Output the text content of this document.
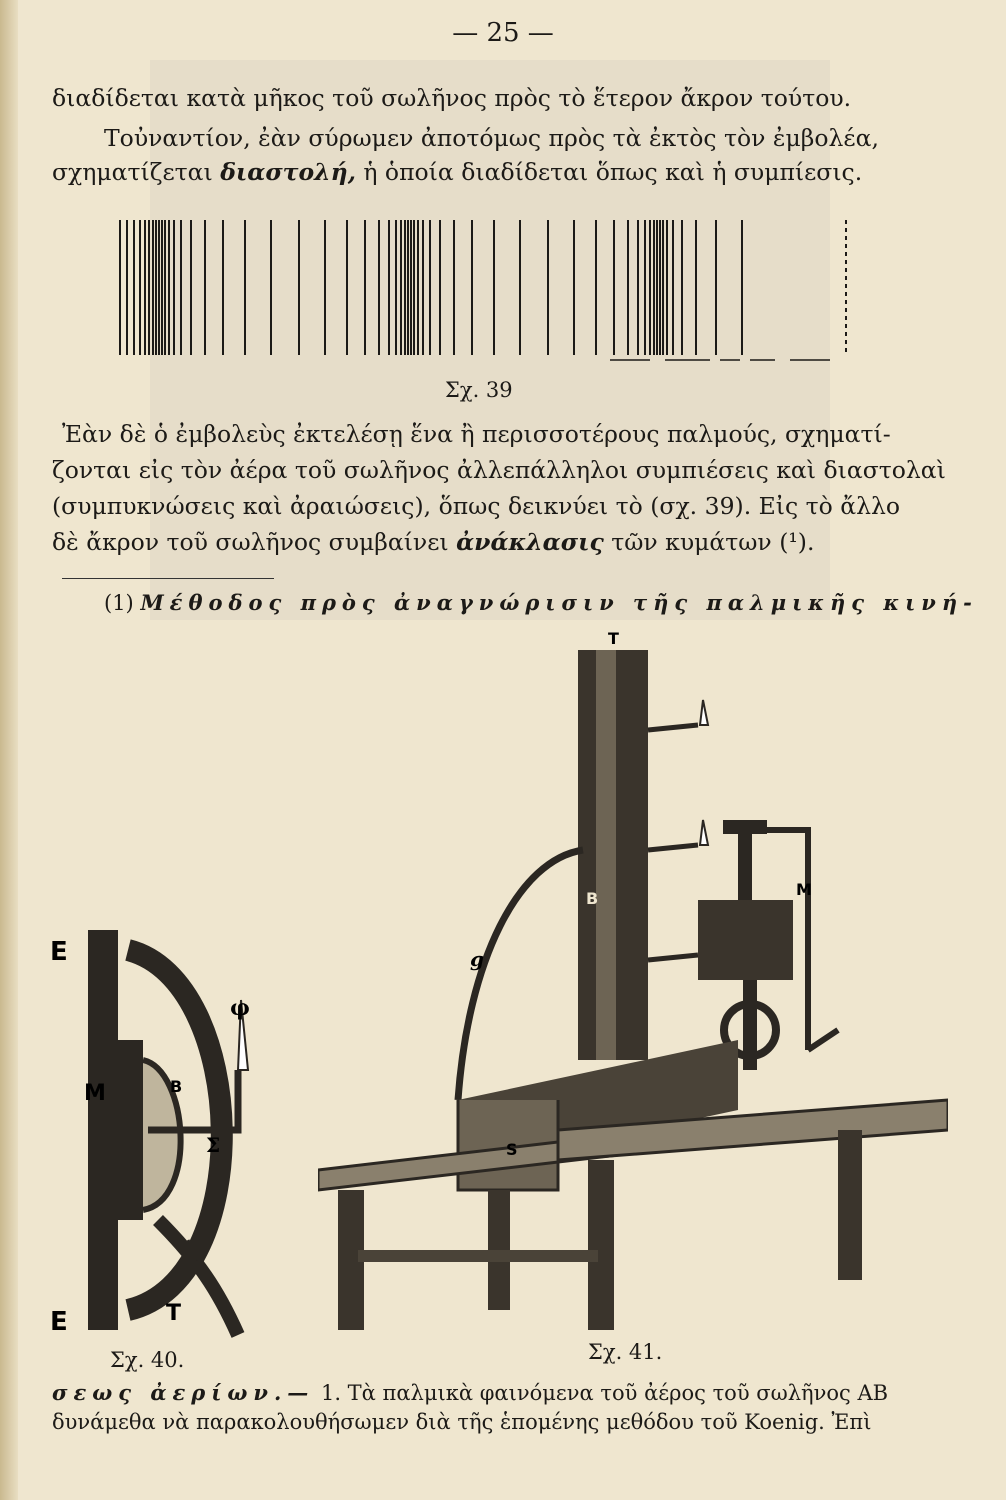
— 25 —
διαδίδεται κατὰ μῆκος τοῦ σωλῆνος πρὸς τὸ ἕτερον ἄκρον τούτου.
Τοὐναντίον, ἐὰν σύρωμεν ἀποτόμως πρὸς τὰ ἐκτὸς τὸν ἐμβολέα,
σχηματίζεται διαστολή, ἡ ὁποία διαδίδεται ὅπως καὶ ἡ συμπίεσις.
Σχ. 39
Ἐὰν δὲ ὁ ἐμβολεὺς ἐκτελέσῃ ἕνα ἢ περισσοτέρους παλμούς, σχηματί-
ζονται εἰς τὸν ἀέρα τοῦ σωλῆνος ἀλλεπάλληλοι συμπιέσεις καὶ διαστολαὶ
(συμπυκνώσεις καὶ ἀραιώσεις), ὅπως δεικνύει τὸ (σχ. 39). Εἰς τὸ ἄλλο
δὲ ἄκρον τοῦ σωλῆνος συμβαίνει ἀνάκλασις τῶν κυμάτων (¹).
(1) Μέθοδος πρὸς ἀναγνώρισιν τῆς παλμικῆς κινή-
E
E
φ
M	B
Σ
T
Σχ. 40.
T
B	M
S
g
Σχ. 41.
σεως ἀερίων.— 1. Τὰ παλμικὰ φαινόμενα τοῦ ἀέρος τοῦ σωλῆνος AB
δυνάμεθα νὰ παρακολουθήσωμεν διὰ τῆς ἑπομένης μεθόδου τοῦ Koenig. Ἐπὶ
